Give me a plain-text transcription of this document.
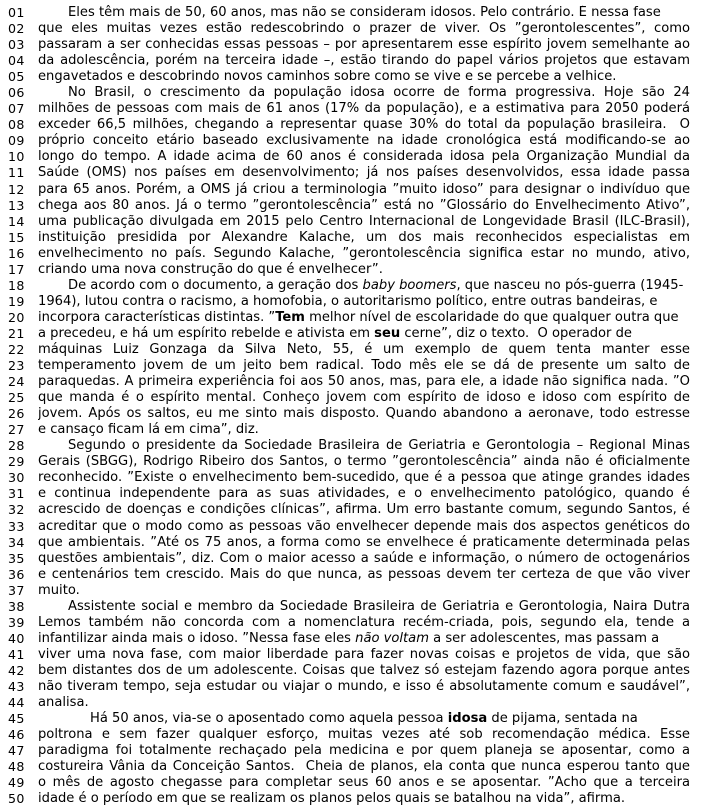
01	Eles têm mais de 50, 60 anos, mas não se consideram idosos. Pelo contrário. É nessa fase
02	que eles muitas vezes estão redescobrindo o prazer de viver. Os ”gerontolescentes”, como
03	passaram a ser conhecidas essas pessoas – por apresentarem esse espírito jovem semelhante ao
04	da adolescência, porém na terceira idade –, estão tirando do papel vários projetos que estavam
05	engavetados e descobrindo novos caminhos sobre como se vive e se percebe a velhice.
06	No Brasil, o crescimento da população idosa ocorre de forma progressiva. Hoje são 24
07	milhões de pessoas com mais de 61 anos (17% da população), e a estimativa para 2050 poderá
08	exceder 66,5 milhões, chegando a representar quase 30% do total da população brasileira.  O
09	próprio conceito etário baseado exclusivamente na idade cronológica está modificando-se ao
10	longo do tempo. A idade acima de 60 anos é considerada idosa pela Organização Mundial da
11	Saúde (OMS) nos países em desenvolvimento; já nos países desenvolvidos, essa idade passa
12	para 65 anos. Porém, a OMS já criou a terminologia ”muito idoso” para designar o indivíduo que
13	chega aos 80 anos. Já o termo ”gerontolescência” está no ”Glossário do Envelhecimento Ativo”,
14	uma publicação divulgada em 2015 pelo Centro Internacional de Longevidade Brasil (ILC-Brasil),
15	instituição presidida por Alexandre Kalache, um dos mais reconhecidos especialistas em
16	envelhecimento no país. Segundo Kalache, ”gerontolescência significa estar no mundo, ativo,
17	criando uma nova construção do que é envelhecer”.
18	De acordo com o documento, a geração dos baby boomers, que nasceu no pós-guerra (1945-
19	1964), lutou contra o racismo, a homofobia, o autoritarismo político, entre outras bandeiras, e
20	incorpora características distintas. ”Tem melhor nível de escolaridade do que qualquer outra que
21	a precedeu, e há um espírito rebelde e ativista em seu cerne”, diz o texto.  O operador de
22	máquinas Luiz Gonzaga da Silva Neto, 55, é um exemplo de quem tenta manter esse
23	temperamento jovem de um jeito bem radical. Todo mês ele se dá de presente um salto de
24	paraquedas. A primeira experiência foi aos 50 anos, mas, para ele, a idade não significa nada. ”O
25	que manda é o espírito mental. Conheço jovem com espírito de idoso e idoso com espírito de
26	jovem. Após os saltos, eu me sinto mais disposto. Quando abandono a aeronave, todo estresse
27	e cansaço ficam lá em cima”, diz.
28	Segundo o presidente da Sociedade Brasileira de Geriatria e Gerontologia – Regional Minas
29	Gerais (SBGG), Rodrigo Ribeiro dos Santos, o termo ”gerontolescência” ainda não é oficialmente
30	reconhecido. ”Existe o envelhecimento bem-sucedido, que é a pessoa que atinge grandes idades
31	e continua independente para as suas atividades, e o envelhecimento patológico, quando é
32	acrescido de doenças e condições clínicas”, afirma. Um erro bastante comum, segundo Santos, é
33	acreditar que o modo como as pessoas vão envelhecer depende mais dos aspectos genéticos do
34	que ambientais. ”Até os 75 anos, a forma como se envelhece é praticamente determinada pelas
35	questões ambientais”, diz. Com o maior acesso a saúde e informação, o número de octogenários
36	e centenários tem crescido. Mais do que nunca, as pessoas devem ter certeza de que vão viver
37	muito.
38	Assistente social e membro da Sociedade Brasileira de Geriatria e Gerontologia, Naira Dutra
39	Lemos também não concorda com a nomenclatura recém-criada, pois, segundo ela, tende a
40	infantilizar ainda mais o idoso. ”Nessa fase eles não voltam a ser adolescentes, mas passam a
41	viver uma nova fase, com maior liberdade para fazer novas coisas e projetos de vida, que são
42	bem distantes dos de um adolescente. Coisas que talvez só estejam fazendo agora porque antes
43	não tiveram tempo, seja estudar ou viajar o mundo, e isso é absolutamente comum e saudável”,
44	analisa.
45	Há 50 anos, via-se o aposentado como aquela pessoa idosa de pijama, sentada na
46	poltrona e sem fazer qualquer esforço, muitas vezes até sob recomendação médica. Esse
47	paradigma foi totalmente rechaçado pela medicina e por quem planeja se aposentar, como a
48	costureira Vânia da Conceição Santos.  Cheia de planos, ela conta que nunca esperou tanto que
49	o mês de agosto chegasse para completar seus 60 anos e se aposentar. ”Acho que a terceira
50	idade é o período em que se realizam os planos pelos quais se batalhou na vida”, afirma.
